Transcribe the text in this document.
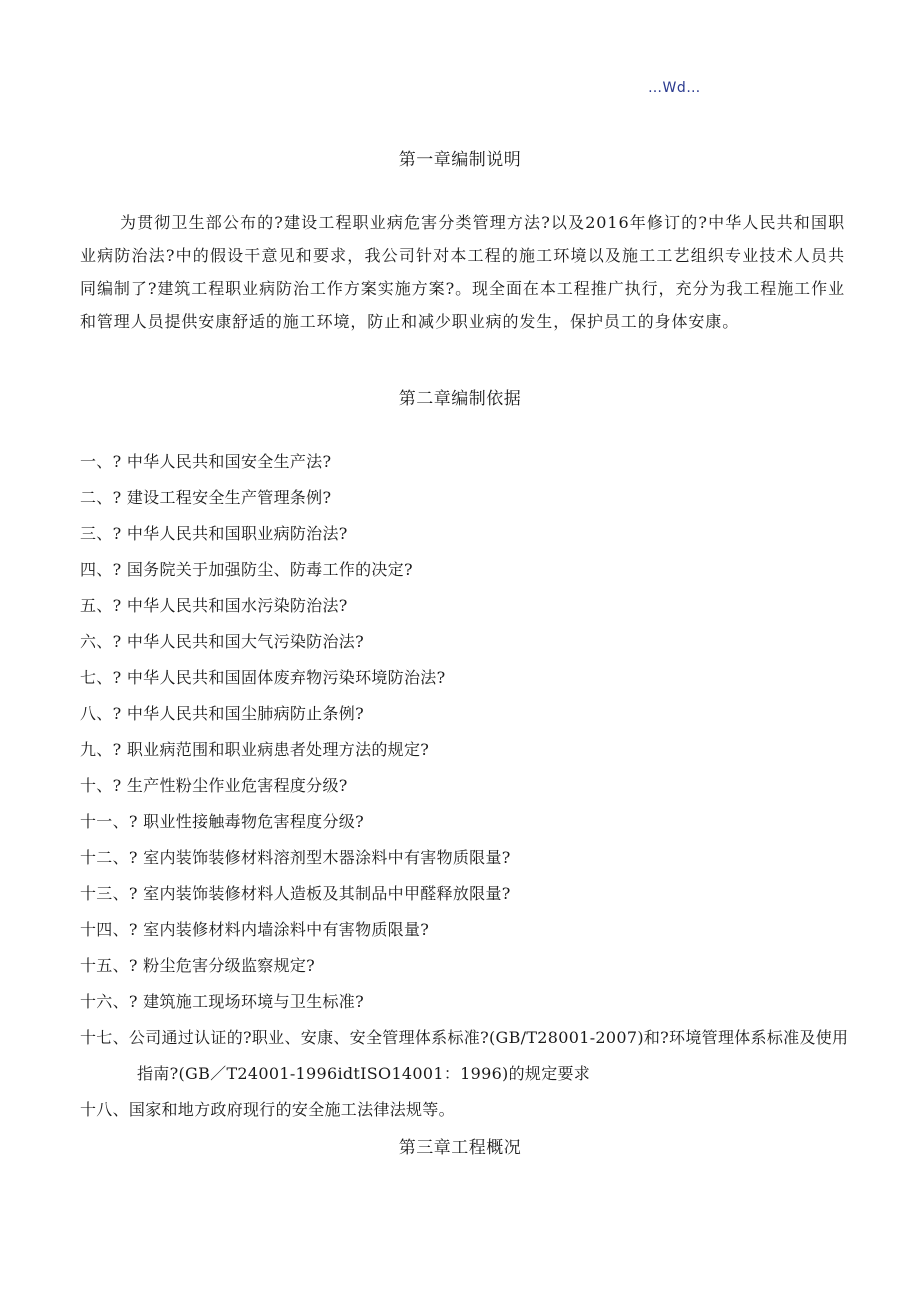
…Wd…
第一章编制说明

为贯彻卫生部公布的?建设工程职业病危害分类管理方法?以及2016年修订的?中华人民共和国职业病防治法?中的假设干意见和要求，我公司针对本工程的施工环境以及施工工艺组织专业技术人员共同编制了?建筑工程职业病防治工作方案实施方案?。现全面在本工程推广执行，充分为我工程施工作业和管理人员提供安康舒适的施工环境，防止和减少职业病的发生，保护员工的身体安康。

第二章编制依据
一、? 中华人民共和国安全生产法?
二、? 建设工程安全生产管理条例?
三、? 中华人民共和国职业病防治法?
四、? 国务院关于加强防尘、防毒工作的决定?
五、? 中华人民共和国水污染防治法?
六、? 中华人民共和国大气污染防治法?
七、? 中华人民共和国固体废弃物污染环境防治法?
八、? 中华人民共和国尘肺病防止条例?
九、? 职业病范围和职业病患者处理方法的规定?
十、? 生产性粉尘作业危害程度分级?
十一、? 职业性接触毒物危害程度分级?
十二、? 室内装饰装修材料溶剂型木器涂料中有害物质限量?
十三、? 室内装饰装修材料人造板及其制品中甲醛释放限量?
十四、? 室内装修材料内墙涂料中有害物质限量?
十五、? 粉尘危害分级监察规定?
十六、? 建筑施工现场环境与卫生标准?
十七、公司通过认证的?职业、安康、安全管理体系标准?(GB/T28001-2007)和?环境管理体系标准及使用指南?(GB／T24001-1996idtISO14001：1996)的规定要求
十八、国家和地方政府现行的安全施工法律法规等。
第三章工程概况
